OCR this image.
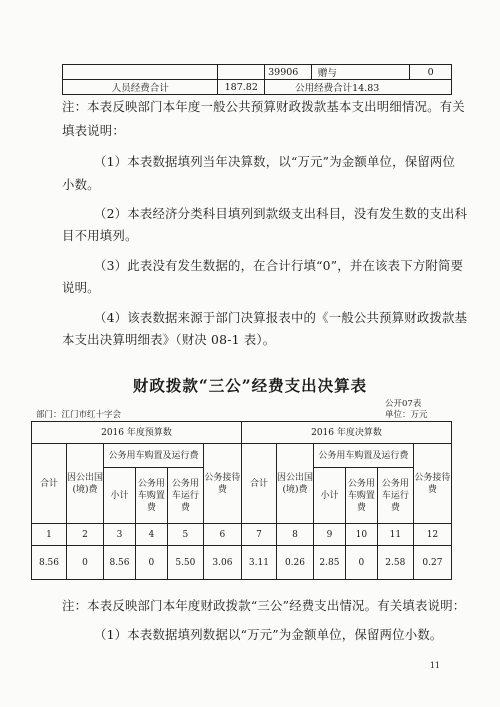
		39906	赠与	0
人员经费合计	187.82	公用经费合计14.83		
注：本表反映部门本年度一般公共预算财政拨款基本支出明细情况。有关
填表说明：
（1）本表数据填列当年决算数，以“万元”为金额单位，保留两位
小数。
（2）本表经济分类科目填列到款级支出科目，没有发生数的支出科
目不用填列。
（3）此表没有发生数据的，在合计行填“0”，并在该表下方附简要
说明。
（4）该表数据来源于部门决算报表中的《一般公共预算财政拨款基
本支出决算明细表》（财决 08-1 表）。
财政拨款“三公”经费支出决算表
公开07表
单位：万元
部门：江门市红十字会
2016 年度预算数						2016 年度决算数					
合计	因公出国(境)费	公务用车购置及运行费			公务接待费	合计	因公出国(境)费	公务用车购置及运行费			公务接待费
		小计	公务用车购置费	公务用车运行费				小计	公务用车购置费	公务用车运行费	
1	2	3	4	5	6	7	8	9	10	11	12
8.56	0	8.56	0	5.50	3.06	3.11	0.26	2.85	0	2.58	0.27
注：本表反映部门本年度财政拨款“三公”经费支出情况。有关填表说明：
（1）本表数据填列数据以“万元”为金额单位，保留两位小数。
11
